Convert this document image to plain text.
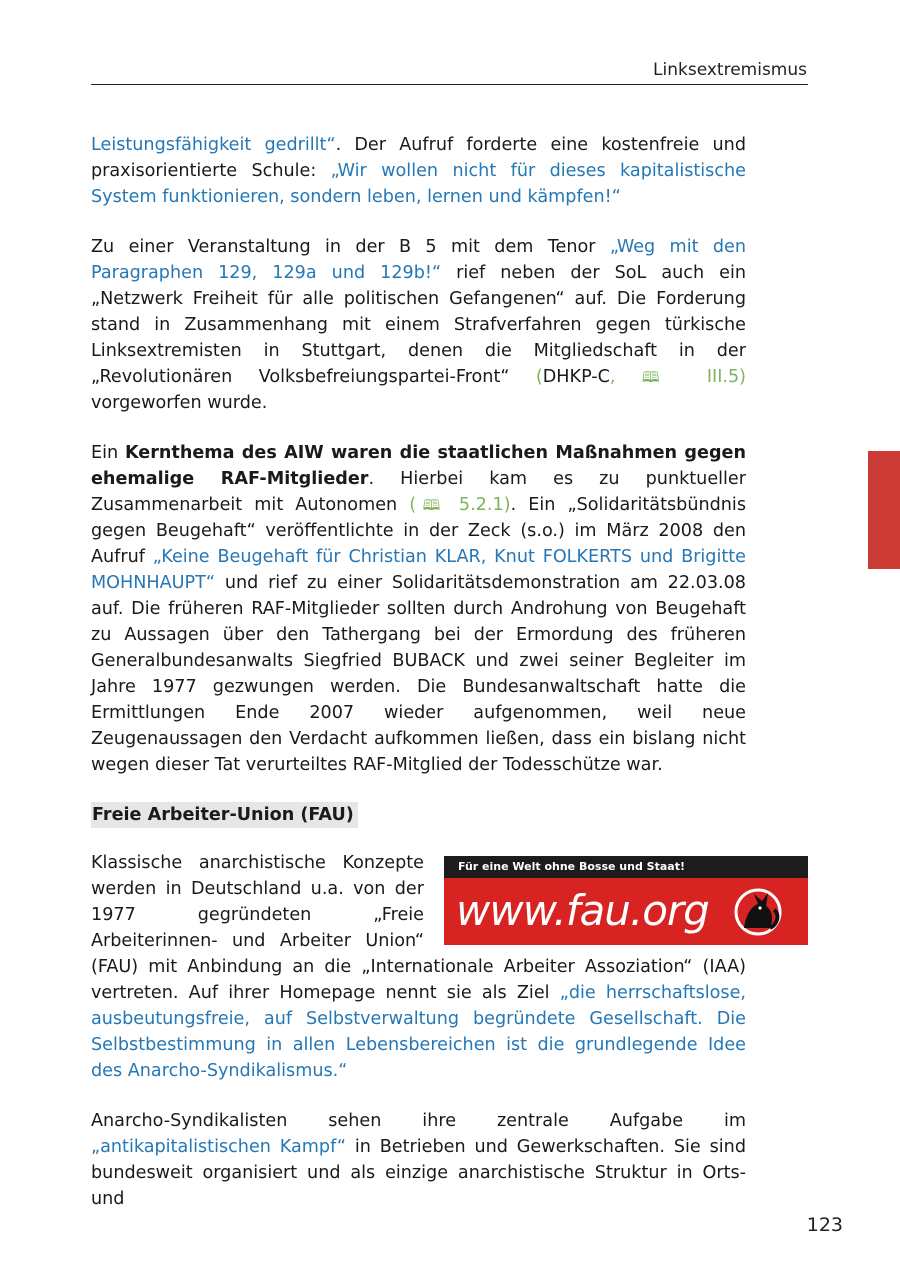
Linksextremismus

Leistungsfähigkeit gedrillt“. Der Aufruf forderte eine kostenfreie und praxisorientierte Schule: „Wir wollen nicht für dieses kapitalistische System funktionieren, sondern leben, lernen und kämpfen!“

Zu einer Veranstaltung in der B 5 mit dem Tenor „Weg mit den Paragraphen 129, 129a und 129b!“ rief neben der SoL auch ein „Netzwerk Freiheit für alle politischen Gefangenen“ auf. Die Forderung stand in Zusammenhang mit einem Strafverfahren gegen türkische Linksextremisten in Stuttgart, denen die Mitgliedschaft in der „Revolutionären Volksbefreiungspartei-Front“ (DHKP-C, 🕮 III.5) vorgeworfen wurde.

Ein Kernthema des AIW waren die staatlichen Maßnahmen gegen ehemalige RAF-Mitglieder. Hierbei kam es zu punktueller Zusammenarbeit mit Autonomen (🕮 5.2.1). Ein „Solidaritätsbündnis gegen Beugehaft“ veröffentlichte in der Zeck (s.o.) im März 2008 den Aufruf „Keine Beugehaft für Christian KLAR, Knut FOLKERTS und Brigitte MOHNHAUPT“ und rief zu einer Solidaritätsdemonstration am 22.03.08 auf. Die früheren RAF-Mitglieder sollten durch Androhung von Beugehaft zu Aussagen über den Tathergang bei der Ermordung des früheren Generalbundesanwalts Siegfried BUBACK und zwei seiner Begleiter im Jahre 1977 gezwungen werden. Die Bundesanwaltschaft hatte die Ermittlungen Ende 2007 wieder aufgenommen, weil neue Zeugenaussagen den Verdacht aufkommen ließen, dass ein bislang nicht wegen dieser Tat verurteiltes RAF-Mitglied der Todesschütze war.

Freie Arbeiter-Union (FAU)

Für eine Welt ohne Bosse und Staat!
www.fau.org
Klassische anarchistische Konzepte werden in Deutschland u.a. von der 1977 gegründeten „Freie Arbeiterinnen- und Arbeiter Union“ (FAU) mit Anbindung an die „Internationale Arbeiter Assoziation“ (IAA) vertreten. Auf ihrer Homepage nennt sie als Ziel „die herrschaftslose, ausbeutungsfreie, auf Selbstverwaltung begründete Gesellschaft. Die Selbstbestimmung in allen Lebensbereichen ist die grundlegende Idee des Anarcho-Syndikalismus.“

Anarcho-Syndikalisten sehen ihre zentrale Aufgabe im „antikapitalistischen Kampf“ in Betrieben und Gewerkschaften. Sie sind bundesweit organisiert und als einzige anarchistische Struktur in Orts- und

123
